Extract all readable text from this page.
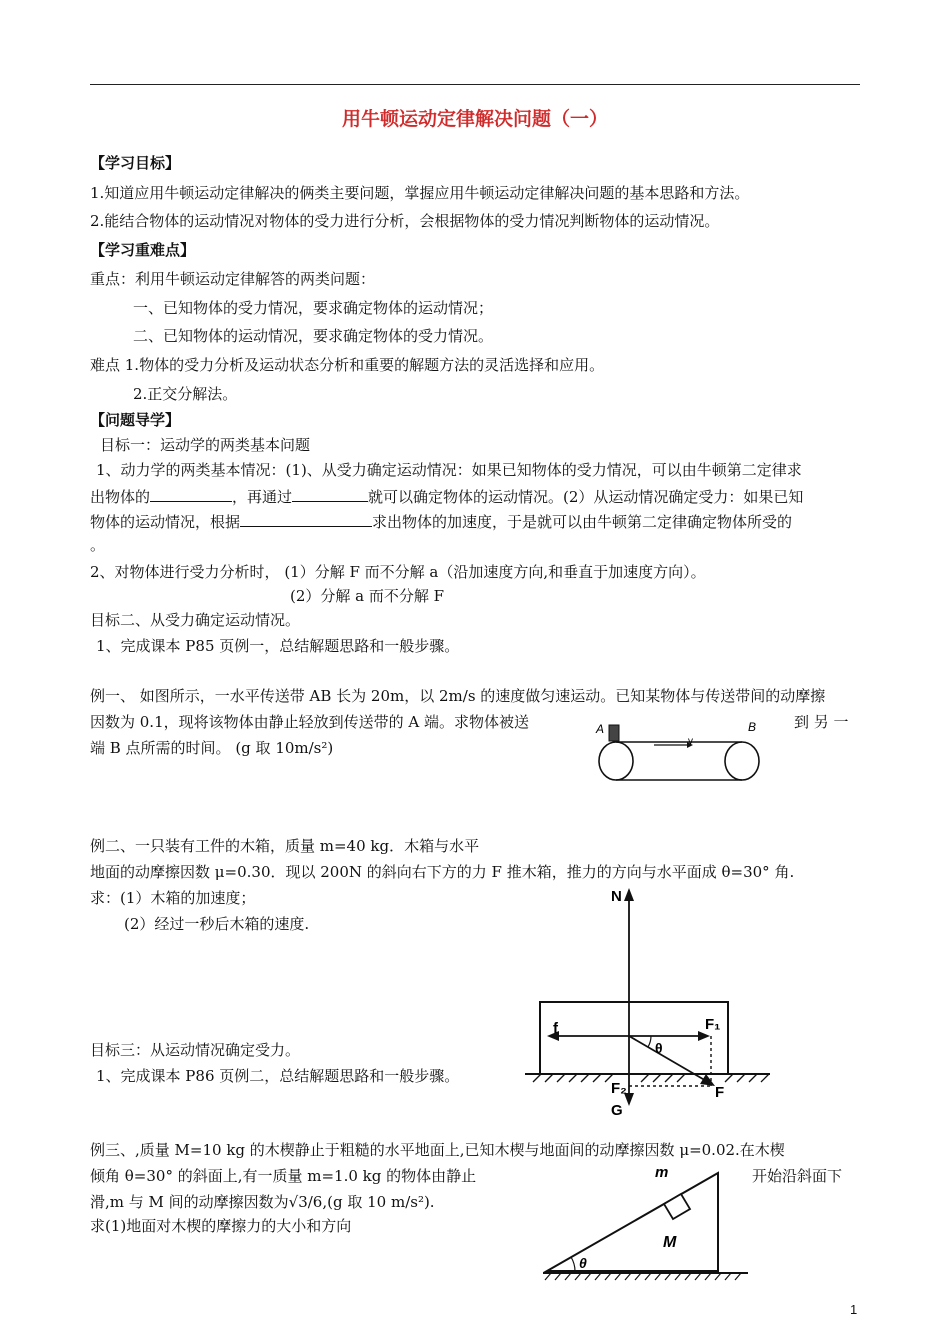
用牛顿运动定律解决问题（一）
【学习目标】
1.知道应用牛顿运动定律解决的俩类主要问题，掌握应用牛顿运动定律解决问题的基本思路和方法。
2.能结合物体的运动情况对物体的受力进行分析，会根据物体的受力情况判断物体的运动情况。
【学习重难点】
重点：利用牛顿运动定律解答的两类问题：
一、已知物体的受力情况，要求确定物体的运动情况；
二、已知物体的运动情况，要求确定物体的受力情况。
难点 1.物体的受力分析及运动状态分析和重要的解题方法的灵活选择和应用。
2.正交分解法。
【问题导学】
目标一：运动学的两类基本问题
1、动力学的两类基本情况：(1)、从受力确定运动情况：如果已知物体的受力情况，可以由牛顿第二定律求
出物体的	，再通过	就可以确定物体的运动情况。(2）从运动情况确定受力：如果已知
物体的运动情况，根据	求出物体的加速度，于是就可以由牛顿第二定律确定物体所受的
。
2、对物体进行受力分析时， (1）分解 F 而不分解 a（沿加速度方向,和垂直于加速度方向）。
(2）分解 a 而不分解 F
目标二、从受力确定运动情况。
1、完成课本 P85 页例一，总结解题思路和一般步骤。
例一、 如图所示，一水平传送带 AB 长为 20m，以 2m/s 的速度做匀速运动。已知某物体与传送带间的动摩擦
因数为 0.1，现将该物体由静止轻放到传送带的 A 端。求物体被送	到 另 一
端 B 点所需的时间。 (g 取 10m/s²)
A	B
v
例二、一只装有工件的木箱，质量 m=40 kg．木箱与水平
地面的动摩擦因数 μ=0.30．现以 200N 的斜向右下方的力 F 推木箱，推力的方向与水平面成 θ=30° 角.
求：(1）木箱的加速度；
(2）经过一秒后木箱的速度.
N
G
f	F₁
F₂	F
θ
目标三：从运动情况确定受力。
1、完成课本 P86 页例二，总结解题思路和一般步骤。
例三、,质量 M=10 kg 的木楔静止于粗糙的水平地面上,已知木楔与地面间的动摩擦因数 μ=0.02.在木楔
倾角 θ=30° 的斜面上,有一质量 m=1.0 kg 的物体由静止	开始沿斜面下
滑,m 与 M 间的动摩擦因数为√3/6,(g 取 10 m/s²).
求(1)地面对木楔的摩擦力的大小和方向
θ
m
M
1
